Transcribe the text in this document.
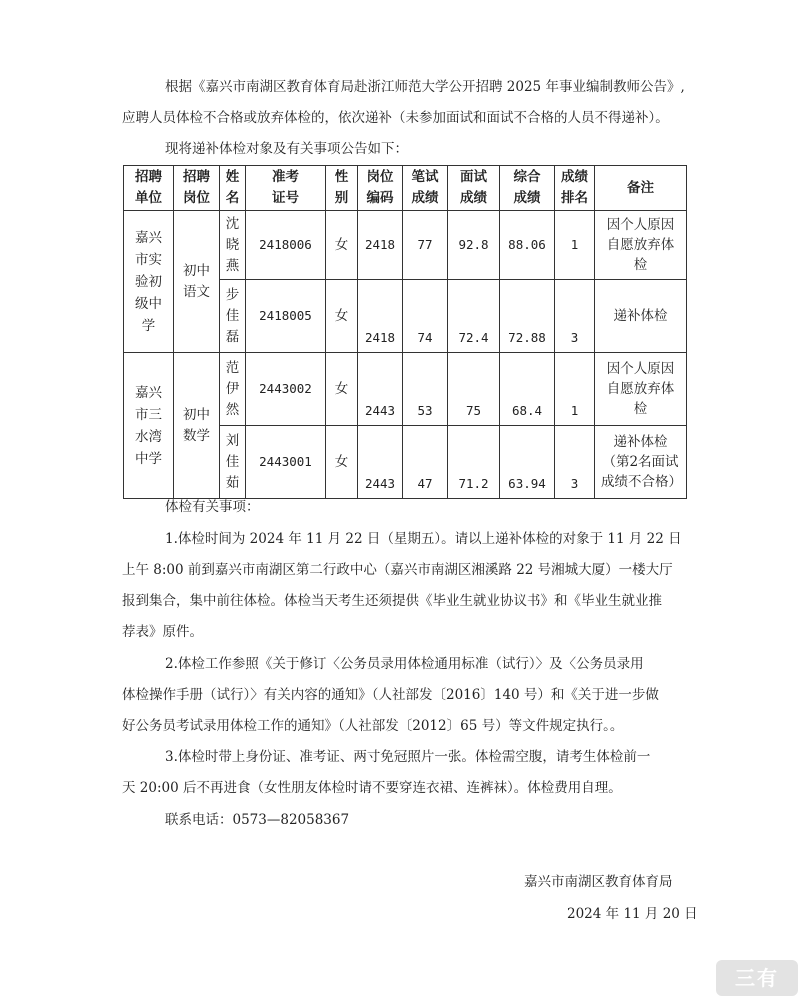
根据《嘉兴市南湖区教育体育局赴浙江师范大学公开招聘 2025 年事业编制教师公告》,
应聘人员体检不合格或放弃体检的，依次递补（未参加面试和面试不合格的人员不得递补）。
现将递补体检对象及有关事项公告如下：
招聘单位	招聘岗位	姓名	准考证号	性别	岗位编码	笔试成绩	面试成绩	综合成绩	成绩排名	备注
嘉兴市实验初级中学	初中语文	沈晓燕	2418006	女	2418	77	92.8	88.06	1	因个人原因自愿放弃体检
		步佳磊	2418005	女	2418	74	72.4	72.88	3	递补体检
嘉兴市三水湾中学	初中数学	范伊然	2443002	女	2443	53	75	68.4	1	因个人原因自愿放弃体检
		刘佳茹	2443001	女	2443	47	71.2	63.94	3	递补体检（第2名面试成绩不合格）
体检有关事项：
1.体检时间为 2024 年 11 月 22 日（星期五）。请以上递补体检的对象于 11 月 22 日
上午 8:00 前到嘉兴市南湖区第二行政中心（嘉兴市南湖区湘溪路 22 号湘城大厦）一楼大厅
报到集合，集中前往体检。体检当天考生还须提供《毕业生就业协议书》和《毕业生就业推
荐表》原件。
2.体检工作参照《关于修订〈公务员录用体检通用标准（试行）〉及〈公务员录用
体检操作手册（试行）〉有关内容的通知》（人社部发〔2016〕140 号）和《关于进一步做
好公务员考试录用体检工作的通知》（人社部发〔2012〕65 号）等文件规定执行。。
3.体检时带上身份证、准考证、两寸免冠照片一张。体检需空腹，请考生体检前一
天 20:00 后不再进食（女性朋友体检时请不要穿连衣裙、连裤袜）。体检费用自理。
联系电话：0573—82058367
嘉兴市南湖区教育体育局
2024 年 11 月 20 日
三有
